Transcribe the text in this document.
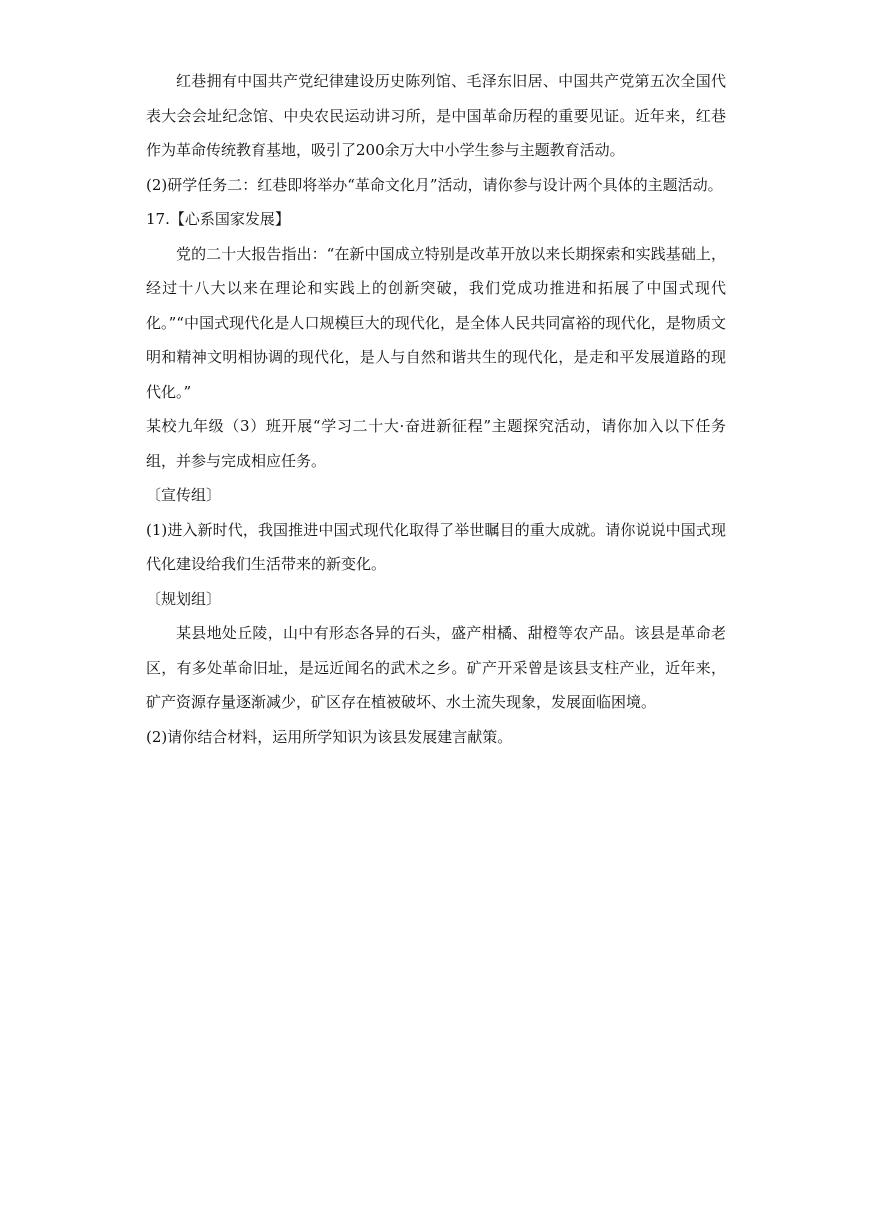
红巷拥有中国共产党纪律建设历史陈列馆、毛泽东旧居、中国共产党第五次全国代表大会会址纪念馆、中央农民运动讲习所，是中国革命历程的重要见证。近年来，红巷作为革命传统教育基地，吸引了200余万大中小学生参与主题教育活动。

(2)研学任务二：红巷即将举办“革命文化月”活动，请你参与设计两个具体的主题活动。

17.【心系国家发展】

党的二十大报告指出：“在新中国成立特别是改革开放以来长期探索和实践基础上，经过十八大以来在理论和实践上的创新突破，我们党成功推进和拓展了中国式现代化。”“中国式现代化是人口规模巨大的现代化，是全体人民共同富裕的现代化，是物质文明和精神文明相协调的现代化，是人与自然和谐共生的现代化，是走和平发展道路的现代化。”

某校九年级（3）班开展“学习二十大·奋进新征程”主题探究活动，请你加入以下任务组，并参与完成相应任务。

〔宣传组〕

(1)进入新时代，我国推进中国式现代化取得了举世瞩目的重大成就。请你说说中国式现代化建设给我们生活带来的新变化。

〔规划组〕

某县地处丘陵，山中有形态各异的石头，盛产柑橘、甜橙等农产品。该县是革命老区，有多处革命旧址，是远近闻名的武术之乡。矿产开采曾是该县支柱产业，近年来，矿产资源存量逐渐减少，矿区存在植被破坏、水土流失现象，发展面临困境。

(2)请你结合材料，运用所学知识为该县发展建言献策。
